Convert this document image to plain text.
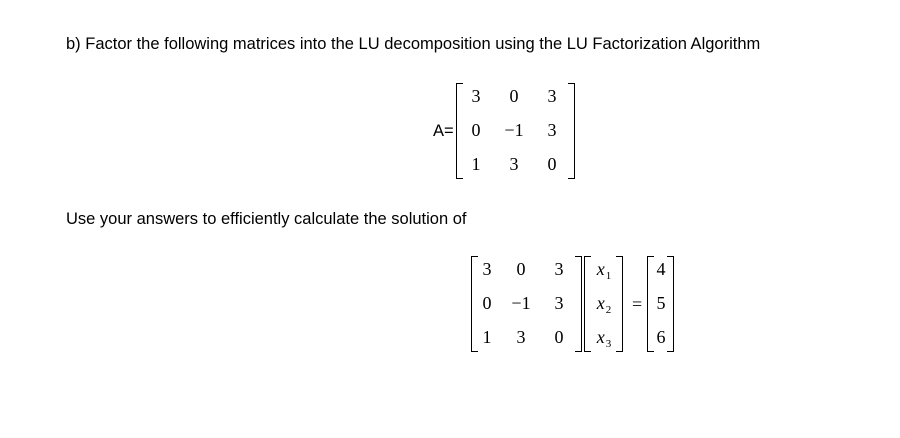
b) Factor the following matrices into the LU decomposition using the LU Factorization Algorithm
A=
3	0	3
0	−1	3
1	3	0
Use your answers to efficiently calculate the solution of
3	0	3
0	−1	3
1	3	0
$x_1$
$x_2$
$x_3$
=
4
5
6
